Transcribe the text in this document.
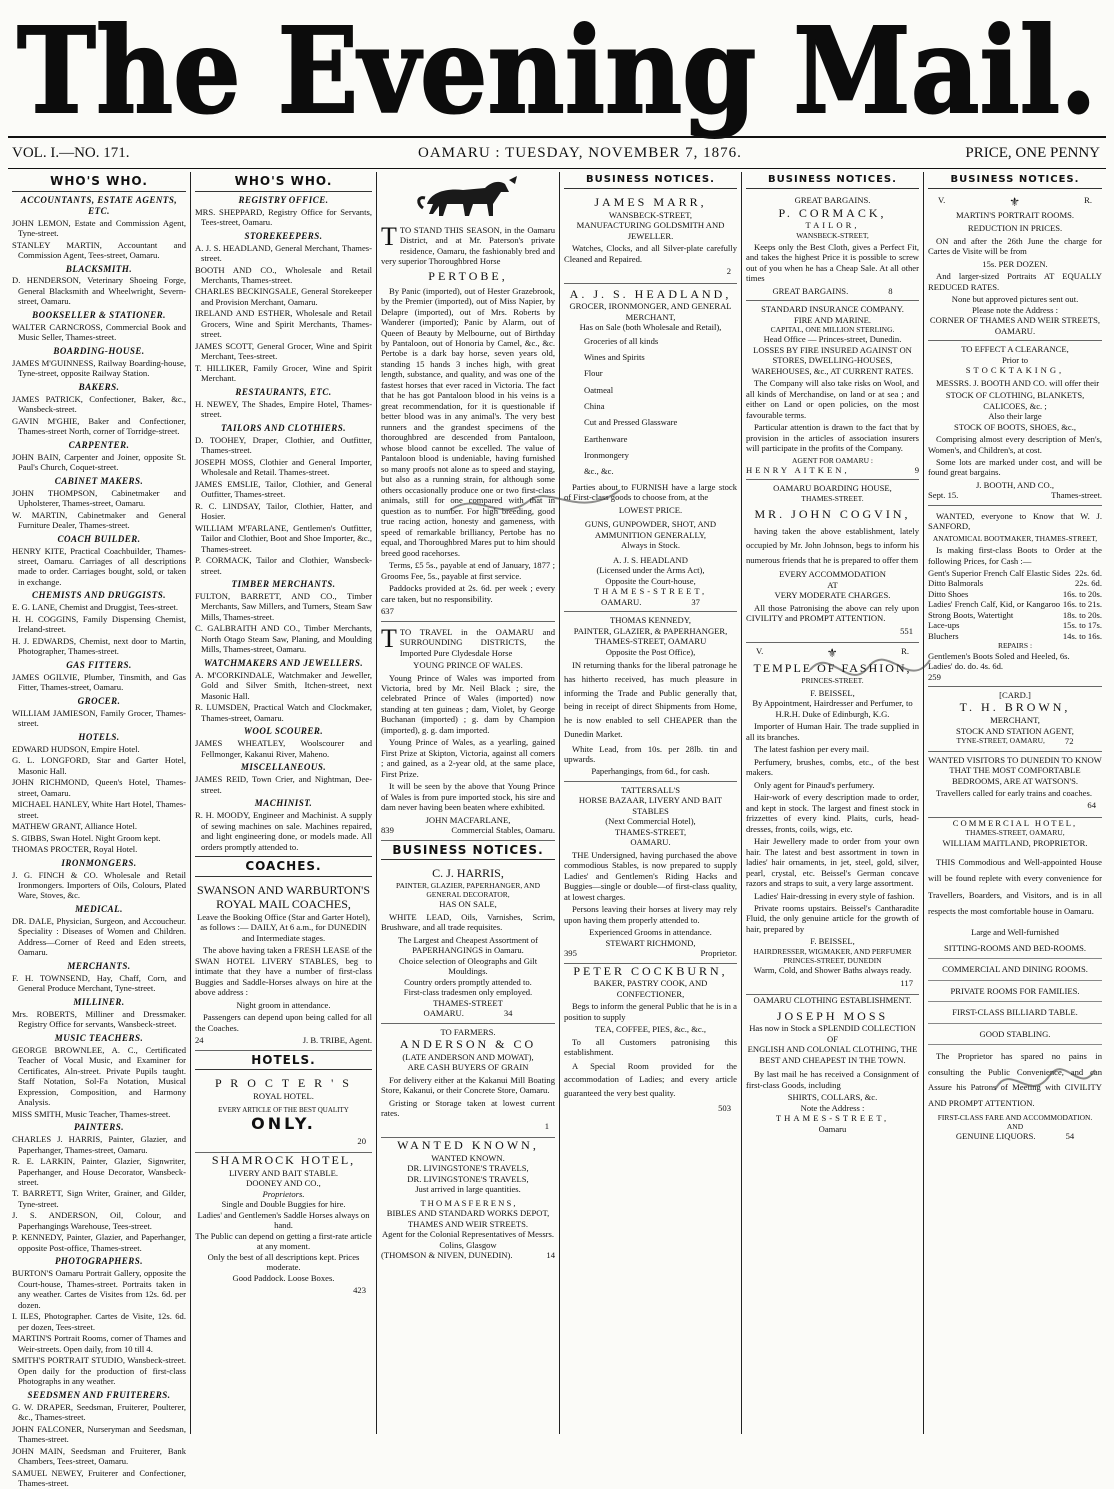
The Evening Mail.
VOL. I.—NO. 171.	OAMARU : TUESDAY, NOVEMBER 7, 1876.	PRICE, ONE PENNY
WHO'S WHO.
ACCOUNTANTS, ESTATE AGENTS, ETC.
JOHN LEMON, Estate and Commission Agent, Tyne-street.
STANLEY MARTIN, Accountant and Commission Agent, Tees-street, Oamaru.
BLACKSMITH.
D. HENDERSON, Veterinary Shoeing Forge, General Blacksmith and Wheelwright, Severn-street, Oamaru.
BOOKSELLER & STATIONER.
WALTER CARNCROSS, Commercial Book and Music Seller, Thames-street.
BOARDING-HOUSE.
JAMES M'GUINNESS, Railway Boarding-house, Tyne-street, opposite Railway Station.
BAKERS.
JAMES PATRICK, Confectioner, Baker, &c., Wansbeck-street.
GAVIN M'GHIE, Baker and Confectioner, Thames-street North, corner of Torridge-street.
CARPENTER.
JOHN BAIN, Carpenter and Joiner, opposite St. Paul's Church, Coquet-street.
CABINET MAKERS.
JOHN THOMPSON, Cabinetmaker and Upholsterer, Thames-street, Oamaru.
W. MARTIN, Cabinetmaker and General Furniture Dealer, Thames-street.
COACH BUILDER.
HENRY KITE, Practical Coachbuilder, Thames-street, Oamaru. Carriages of all descriptions made to order. Carriages bought, sold, or taken in exchange.
CHEMISTS AND DRUGGISTS.
E. G. LANE, Chemist and Druggist, Tees-street.
H. H. COGGINS, Family Dispensing Chemist, Ireland-street.
H. J. EDWARDS, Chemist, next door to Martin, Photographer, Thames-street.
GAS FITTERS.
JAMES OGILVIE, Plumber, Tinsmith, and Gas Fitter, Thames-street, Oamaru.
GROCER.
WILLIAM JAMIESON, Family Grocer, Thames-street.
HOTELS.
EDWARD HUDSON, Empire Hotel.
G. L. LONGFORD, Star and Garter Hotel, Masonic Hall.
JOHN RICHMOND, Queen's Hotel, Thames-street, Oamaru.
MICHAEL HANLEY, White Hart Hotel, Thames-street.
MATHEW GRANT, Alliance Hotel.
S. GIBBS, Swan Hotel. Night Groom kept.
THOMAS PROCTER, Royal Hotel.
IRONMONGERS.
J. G. FINCH & CO. Wholesale and Retail Ironmongers. Importers of Oils, Colours, Plated Ware, Stoves, &c.
MEDICAL.
DR. DALE, Physician, Surgeon, and Accoucheur. Speciality : Diseases of Women and Children. Address—Corner of Reed and Eden streets, Oamaru.
MERCHANTS.
F. H. TOWNSEND, Hay, Chaff, Corn, and General Produce Merchant, Tyne-street.
MILLINER.
Mrs. ROBERTS, Milliner and Dressmaker. Registry Office for servants, Wansbeck-street.
MUSIC TEACHERS.
GEORGE BROWNLEE, A. C., Certificated Teacher of Vocal Music, and Examiner for Certificates, Aln-street. Private Pupils taught. Staff Notation, Sol-Fa Notation, Musical Expression, Composition, and Harmony Analysis.
MISS SMITH, Music Teacher, Thames-street.
PAINTERS.
CHARLES J. HARRIS, Painter, Glazier, and Paperhanger, Thames-street, Oamaru.
R. E. LARKIN, Painter, Glazier, Signwriter, Paperhanger, and House Decorator, Wansbeck-street.
T. BARRETT, Sign Writer, Grainer, and Gilder, Tyne-street.
J. S. ANDERSON, Oil, Colour, and Paperhangings Warehouse, Tees-street.
P. KENNEDY, Painter, Glazier, and Paperhanger, opposite Post-office, Thames-street.
PHOTOGRAPHERS.
BURTON'S Oamaru Portrait Gallery, opposite the Court-house, Thames-street. Portraits taken in any weather. Cartes de Visites from 12s. 6d. per dozen.
I. ILES, Photographer. Cartes de Visite, 12s. 6d. per dozen, Tees-street.
MARTIN'S Portrait Rooms, corner of Thames and Weir-streets. Open daily, from 10 till 4.
SMITH'S PORTRAIT STUDIO, Wansbeck-street. Open daily for the production of first-class Photographs in any weather.
SEEDSMEN AND FRUITERERS.
G. W. DRAPER, Seedsman, Fruiterer, Poulterer, &c., Thames-street.
JOHN FALCONER, Nurseryman and Seedsman, Thames-street.
JOHN MAIN, Seedsman and Fruiterer, Bank Chambers, Tees-street, Oamaru.
SAMUEL NEWEY, Fruiterer and Confectioner, Thames-street.
WHO'S WHO.
REGISTRY OFFICE.
MRS. SHEPPARD, Registry Office for Servants, Tees-street, Oamaru.
STOREKEEPERS.
A. J. S. HEADLAND, General Merchant, Thames-street.
BOOTH AND CO., Wholesale and Retail Merchants, Thames-street.
CHARLES BECKINGSALE, General Storekeeper and Provision Merchant, Oamaru.
IRELAND AND ESTHER, Wholesale and Retail Grocers, Wine and Spirit Merchants, Thames-street.
JAMES SCOTT, General Grocer, Wine and Spirit Merchant, Tees-street.
T. HILLIKER, Family Grocer, Wine and Spirit Merchant.
RESTAURANTS, ETC.
H. NEWEY, The Shades, Empire Hotel, Thames-street.
TAILORS AND CLOTHIERS.
D. TOOHEY, Draper, Clothier, and Outfitter, Thames-street.
JOSEPH MOSS, Clothier and General Importer, Wholesale and Retail. Thames-street.
JAMES EMSLIE, Tailor, Clothier, and General Outfitter, Thames-street.
R. C. LINDSAY, Tailor, Clothier, Hatter, and Hosier.
WILLIAM M'FARLANE, Gentlemen's Outfitter, Tailor and Clothier, Boot and Shoe Importer, &c., Thames-street.
P. CORMACK, Tailor and Clothier, Wansbeck-street.
TIMBER MERCHANTS.
FULTON, BARRETT, AND CO., Timber Merchants, Saw Millers, and Turners, Steam Saw Mills, Thames-street.
C. GALBRAITH AND CO., Timber Merchants, North Otago Steam Saw, Planing, and Moulding Mills, Thames-street, Oamaru.
WATCHMAKERS AND JEWELLERS.
A. M'CORKINDALE, Watchmaker and Jeweller, Gold and Silver Smith, Itchen-street, next Masonic Hall.
R. LUMSDEN, Practical Watch and Clockmaker, Thames-street, Oamaru.
WOOL SCOURER.
JAMES WHEATLEY, Woolscourer and Fellmonger, Kakanui River, Maheno.
MISCELLANEOUS.
JAMES REID, Town Crier, and Nightman, Dee-street.
MACHINIST.
R. H. MOODY, Engineer and Machinist. A supply of sewing machines on sale. Machines repaired, and light engineering done, or models made. All orders promptly attended to.
COACHES.
SWANSON AND WARBURTON'S ROYAL MAIL COACHES,
Leave the Booking Office (Star and Garter Hotel), as follows :— DAILY, At 6 a.m., for DUNEDIN and Intermediate stages.
The above having taken a FRESH LEASE of the SWAN HOTEL LIVERY STABLES, beg to intimate that they have a number of first-class Buggies and Saddle-Horses always on hire at the above address :
Night groom in attendance.
Passengers can depend upon being called for all the Coaches.
24	J. B. TRIBE, Agent.
HOTELS.
P R O C T E R ' S
ROYAL HOTEL.
EVERY ARTICLE OF THE BEST QUALITY
ONLY.
20
SHAMROCK HOTEL,
LIVERY AND BAIT STABLE.
DOONEY AND CO.,
Proprietors.
Single and Double Buggies for hire.
Ladies' and Gentlemen's Saddle Horses always on hand.
The Public can depend on getting a first-rate article at any moment.
Only the best of all descriptions kept. Prices moderate.
Good Paddock. Loose Boxes.
423
TTO STAND THIS SEASON, in the Oamaru District, and at Mr. Paterson's private residence, Oamaru, the fashionably bred and very superior Thoroughbred Horse
PERTOBE,
By Panic (imported), out of Hester Grazebrook, by the Premier (imported), out of Miss Napier, by Delapre (imported), out of Mrs. Roberts by Wanderer (imported); Panic by Alarm, out of Queen of Beauty by Melbourne, out of Birthday by Pantaloon, out of Honoria by Camel, &c., &c. Pertobe is a dark bay horse, seven years old, standing 15 hands 3 inches high, with great length, substance, and quality, and was one of the fastest horses that ever raced in Victoria. The fact that he has got Pantaloon blood in his veins is a great recommendation, for it is questionable if better blood was in any animal's. The very best runners and the grandest specimens of the thoroughbred are descended from Pantaloon, whose blood cannot be excelled. The value of Pantaloon blood is undeniable, having furnished so many proofs not alone as to speed and staying, but also as a running strain, for although some others occasionally produce one or two first-class animals, still for one compared with that in question as to number. For high breeding, good true racing action, honesty and gameness, with speed of remarkable brilliancy, Pertobe has no equal, and Thoroughbred Mares put to him should breed good racehorses.
Terms, £5 5s., payable at end of January, 1877 ; Grooms Fee, 5s., payable at first service.
Paddocks provided at 2s. 6d. per week ; every care taken, but no responsibility.
637
TTO TRAVEL in the OAMARU and SURROUNDING DISTRICTS, the Imported Pure Clydesdale Horse
YOUNG PRINCE OF WALES.
Young Prince of Wales was imported from Victoria, bred by Mr. Neil Black ; sire, the celebrated Prince of Wales (imported) now standing at ten guineas ; dam, Violet, by George Buchanan (imported) ; g. dam by Champion (imported), g. g. dam imported.
Young Prince of Wales, as a yearling, gained First Prize at Skipton, Victoria, against all comers ; and gained, as a 2-year old, at the same place, First Prize.
It will be seen by the above that Young Prince of Wales is from pure imported stock, his sire and dam never having been beaten where exhibited.
JOHN MACFARLANE,
839	Commercial Stables, Oamaru.
BUSINESS NOTICES.
C. J. HARRIS,
PAINTER, GLAZIER, PAPERHANGER, AND GENERAL DECORATOR,
HAS ON SALE,
WHITE LEAD, Oils, Varnishes, Scrim, Brushware, and all trade requisites.
The Largest and Cheapest Assortment of PAPERHANGINGS in Oamaru.
Choice selection of Oleographs and Gilt Mouldings.
Country orders promptly attended to.
First-class tradesmen only employed.
THAMES-STREET
OAMARU.	34
TO FARMERS.
ANDERSON & CO
(LATE ANDERSON AND MOWAT),
ARE CASH BUYERS OF GRAIN
For delivery either at the Kakanui Mill Boating Store, Kakanui, or their Concrete Store, Oamaru.
Gristing or Storage taken at lowest current rates.
1
WANTED KNOWN,
WANTED KNOWN.
DR. LIVINGSTONE'S TRAVELS,
DR. LIVINGSTONE'S TRAVELS,
Just arrived in large quantities.
T H O M A S F E R E N S ,
BIBLES AND STANDARD WORKS DEPOT,
THAMES AND WEIR STREETS.
Agent for the Colonial Representatives of Messrs. Colins, Glasgow
(THOMSON & NIVEN, DUNEDIN).	14
BUSINESS NOTICES.
JAMES MARR,
WANSBECK-STREET,
MANUFACTURING GOLDSMITH AND JEWELLER.
Watches, Clocks, and all Silver-plate carefully Cleaned and Repaired.
2
A. J. S. HEADLAND,
GROCER, IRONMONGER, AND GENERAL MERCHANT,
Has on Sale (both Wholesale and Retail),
Groceries of all kinds
Wines and Spirits
Flour
Oatmeal
China
Cut and Pressed Glassware
Earthenware
Ironmongery
&c., &c.
Parties about to FURNISH have a large stock of First-class goods to choose from, at the
LOWEST PRICE.
GUNS, GUNPOWDER, SHOT, AND AMMUNITION GENERALLY,
Always in Stock.
A. J. S. HEADLAND
(Licensed under the Arms Act),
Opposite the Court-house,
THAMES-STREET,
OAMARU.	37
THOMAS KENNEDY,
PAINTER, GLAZIER, & PAPERHANGER,
THAMES-STREET, OAMARU
Opposite the Post Office),
IN returning thanks for the liberal patronage he has hitherto received, has much pleasure in informing the Trade and Public generally that, being in receipt of direct Shipments from Home, he is now enabled to sell CHEAPER than the Dunedin Market.
White Lead, from 10s. per 28lb. tin and upwards.
Paperhangings, from 6d., for cash.
TATTERSALL'S
HORSE BAZAAR, LIVERY AND BAIT STABLES
(Next Commercial Hotel),
THAMES-STREET,
OAMARU.
THE Undersigned, having purchased the above commodious Stables, is now prepared to supply Ladies' and Gentlemen's Riding Hacks and Buggies—single or double—of first-class quality, at lowest charges.
Persons leaving their horses at livery may rely upon having them properly attended to.
Experienced Grooms in attendance.
STEWART RICHMOND,
395	Proprietor.
PETER COCKBURN,
BAKER, PASTRY COOK, AND CONFECTIONER,
Begs to inform the general Public that he is in a position to supply
TEA, COFFEE, PIES, &c., &c.,
To all Customers patronising this establishment.
A Special Room provided for the accommodation of Ladies; and every article guaranteed the very best quality.
503
BUSINESS NOTICES.
GREAT BARGAINS.
P. CORMACK,
TAILOR,
WANSBECK-STREET,
Keeps only the Best Cloth, gives a Perfect Fit, and takes the highest Price it is possible to screw out of you when he has a Cheap Sale. At all other times
GREAT BARGAINS.	8
STANDARD INSURANCE COMPANY.
FIRE AND MARINE.
CAPITAL, ONE MILLION STERLING.
Head Office — Princes-street, Dunedin.
LOSSES BY FIRE INSURED AGAINST ON STORES, DWELLING-HOUSES, WAREHOUSES, &c., AT CURRENT RATES.
The Company will also take risks on Wool, and all kinds of Merchandise, on land or at sea ; and either on Land or open policies, on the most favourable terms.
Particular attention is drawn to the fact that by provision in the articles of association insurers will participate in the profits of the Company.
AGENT FOR OAMARU :
HENRY AITKEN,	9
OAMARU BOARDING HOUSE,
THAMES-STREET.
MR. JOHN COGVIN,
having taken the above establishment, lately occupied by Mr. John Johnson, begs to inform his numerous friends that he is prepared to offer them
EVERY ACCOMMODATION
AT
VERY MODERATE CHARGES.
All those Patronising the above can rely upon CIVILITY and PROMPT ATTENTION.
551
V.	⚜	R.
TEMPLE OF FASHION,
PRINCES-STREET.
F. BEISSEL,
By Appointment, Hairdresser and Perfumer, to H.R.H. Duke of Edinburgh, K.G.
Importer of Human Hair. The trade supplied in all its branches.
The latest fashion per every mail.
Perfumery, brushes, combs, etc., of the best makers.
Only agent for Pinaud's perfumery.
Hair-work of every description made to order, and kept in stock. The largest and finest stock in frizzettes of every kind. Plaits, curls, head-dresses, fronts, coils, wigs, etc.
Hair Jewellery made to order from your own hair. The latest and best assortment in town in ladies' hair ornaments, in jet, steel, gold, silver, pearl, crystal, etc. Beissel's German concave razors and straps to suit, a very large assortment.
Ladies' Hair-dressing in every style of fashion.
Private rooms upstairs. Beissel's Cantharadite Fluid, the only genuine article for the growth of hair, prepared by
F. BEISSEL,
HAIRDRESSER, WIGMAKER, AND PERFUMER
PRINCES-STREET, DUNEDIN
Warm, Cold, and Shower Baths always ready.
117
OAMARU CLOTHING ESTABLISHMENT.
JOSEPH MOSS
Has now in Stock a SPLENDID COLLECTION
OF
ENGLISH AND COLONIAL CLOTHING, THE BEST AND CHEAPEST IN THE TOWN.
By last mail he has received a Consignment of first-class Goods, including
SHIRTS, COLLARS, &c.
Note the Address :
THAMES-STREET,
Oamaru
BUSINESS NOTICES.
V.	⚜	R.
MARTIN'S PORTRAIT ROOMS.
REDUCTION IN PRICES.
ON and after the 26th June the charge for Cartes de Visite will be from
15s. PER DOZEN.
And larger-sized Portraits AT EQUALLY REDUCED RATES.
None but approved pictures sent out.
Please note the Address :
CORNER OF THAMES AND WEIR STREETS, OAMARU.
TO EFFECT A CLEARANCE,
Prior to
STOCKTAKING,
MESSRS. J. BOOTH AND CO. will offer their
STOCK OF CLOTHING, BLANKETS, CALICOES, &c. ;
Also their large
STOCK OF BOOTS, SHOES, &c.,
Comprising almost every description of Men's, Women's, and Children's, at cost.
Some lots are marked under cost, and will be found great bargains.
J. BOOTH, AND CO.,
Sept. 15.	Thames-street.
WANTED, everyone to Know that W. J. SANFORD,
ANATOMICAL BOOTMAKER, THAMES-STREET,
Is making first-class Boots to Order at the following Prices, for Cash :—
Gent's Superior French Calf Elastic Sides 22s. 6d.
Ditto Balmorals	22s. 6d.
Ditto Shoes	16s. to 20s.
Ladies' French Calf, Kid, or Kangaroo 16s. to 21s.
Strong Boots, Watertight	18s. to 20s.
Lace-ups	15s. to 17s.
Bluchers	14s. to 16s.
REPAIRS :
Gentlemen's Boots Soled and Heeled, 6s.
Ladies' do. do. 4s. 6d.
259
[CARD.]
T. H. BROWN,
MERCHANT,
STOCK AND STATION AGENT,
TYNE-STREET, OAMARU, 72
WANTED VISITORS TO DUNEDIN TO KNOW THAT THE MOST COMFORTABLE BEDROOMS, ARE AT WATSON'S.
Travellers called for early trains and coaches.
64
COMMERCIAL HOTEL,
THAMES-STREET, OAMARU,
WILLIAM MAITLAND, PROPRIETOR.
THIS Commodious and Well-appointed House will be found replete with every convenience for Travellers, Boarders, and Visitors, and is in all respects the most comfortable house in Oamaru.
Large and Well-furnished
SITTING-ROOMS AND BED-ROOMS.
COMMERCIAL AND DINING ROOMS.
PRIVATE ROOMS FOR FAMILIES.
FIRST-CLASS BILLIARD TABLE.
GOOD STABLING.
The Proprietor has spared no pains in consulting the Public Convenience, and can Assure his Patrons of Meeting with CIVILITY AND PROMPT ATTENTION.
FIRST-CLASS FARE AND ACCOMMODATION.
AND
GENUINE LIQUORS.	54
